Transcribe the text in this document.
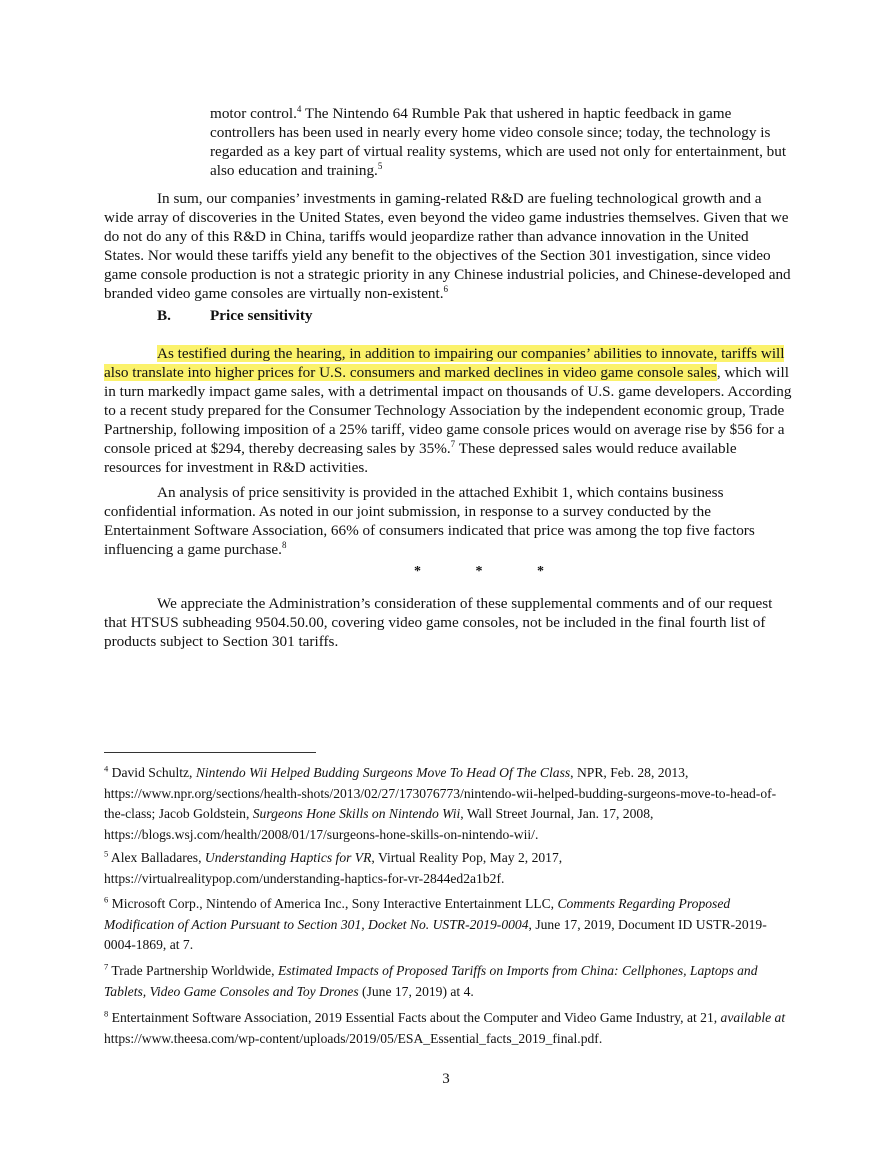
motor control.$^4$ The Nintendo 64 Rumble Pak that ushered in haptic feedback in game controllers has been used in nearly every home video console since; today, the technology is regarded as a key part of virtual reality systems, which are used not only for entertainment, but also education and training.$^5$
In sum, our companies’ investments in gaming-related R&D are fueling technological growth and a wide array of discoveries in the United States, even beyond the video game industries themselves. Given that we do not do any of this R&D in China, tariffs would jeopardize rather than advance innovation in the United States. Nor would these tariffs yield any benefit to the objectives of the Section 301 investigation, since video game console production is not a strategic priority in any Chinese industrial policies, and Chinese-developed and branded video game consoles are virtually non-existent.$^6$
B.	Price sensitivity
As testified during the hearing, in addition to impairing our companies’ abilities to innovate, tariffs will also translate into higher prices for U.S. consumers and marked declines in video game console sales, which will in turn markedly impact game sales, with a detrimental impact on thousands of U.S. game developers. According to a recent study prepared for the Consumer Technology Association by the independent economic group, Trade Partnership, following imposition of a 25% tariff, video game console prices would on average rise by $56 for a console priced at $294, thereby decreasing sales by 35%.$^7$ These depressed sales would reduce available resources for investment in R&D activities.
An analysis of price sensitivity is provided in the attached Exhibit 1, which contains business confidential information. As noted in our joint submission, in response to a survey conducted by the Entertainment Software Association, 66% of consumers indicated that price was among the top five factors influencing a game purchase.$^8$
*	*	*
We appreciate the Administration’s consideration of these supplemental comments and of our request that HTSUS subheading 9504.50.00, covering video game consoles, not be included in the final fourth list of products subject to Section 301 tariffs.
$^4$ David Schultz, Nintendo Wii Helped Budding Surgeons Move To Head Of The Class, NPR, Feb. 28, 2013, https://www.npr.org/sections/health-shots/2013/02/27/173076773/nintendo-wii-helped-budding-surgeons-move-to-head-of-the-class; Jacob Goldstein, Surgeons Hone Skills on Nintendo Wii, Wall Street Journal, Jan. 17, 2008, https://blogs.wsj.com/health/2008/01/17/surgeons-hone-skills-on-nintendo-wii/.
$^5$ Alex Balladares, Understanding Haptics for VR, Virtual Reality Pop, May 2, 2017, https://virtualrealitypop.com/understanding-haptics-for-vr-2844ed2a1b2f.
$^6$ Microsoft Corp., Nintendo of America Inc., Sony Interactive Entertainment LLC, Comments Regarding Proposed Modification of Action Pursuant to Section 301, Docket No. USTR-2019-0004, June 17, 2019, Document ID USTR-2019-0004-1869, at 7.
$^7$ Trade Partnership Worldwide, Estimated Impacts of Proposed Tariffs on Imports from China: Cellphones, Laptops and Tablets, Video Game Consoles and Toy Drones (June 17, 2019) at 4.
$^8$ Entertainment Software Association, 2019 Essential Facts about the Computer and Video Game Industry, at 21, available at https://www.theesa.com/wp-content/uploads/2019/05/ESA_Essential_facts_2019_final.pdf.
3
